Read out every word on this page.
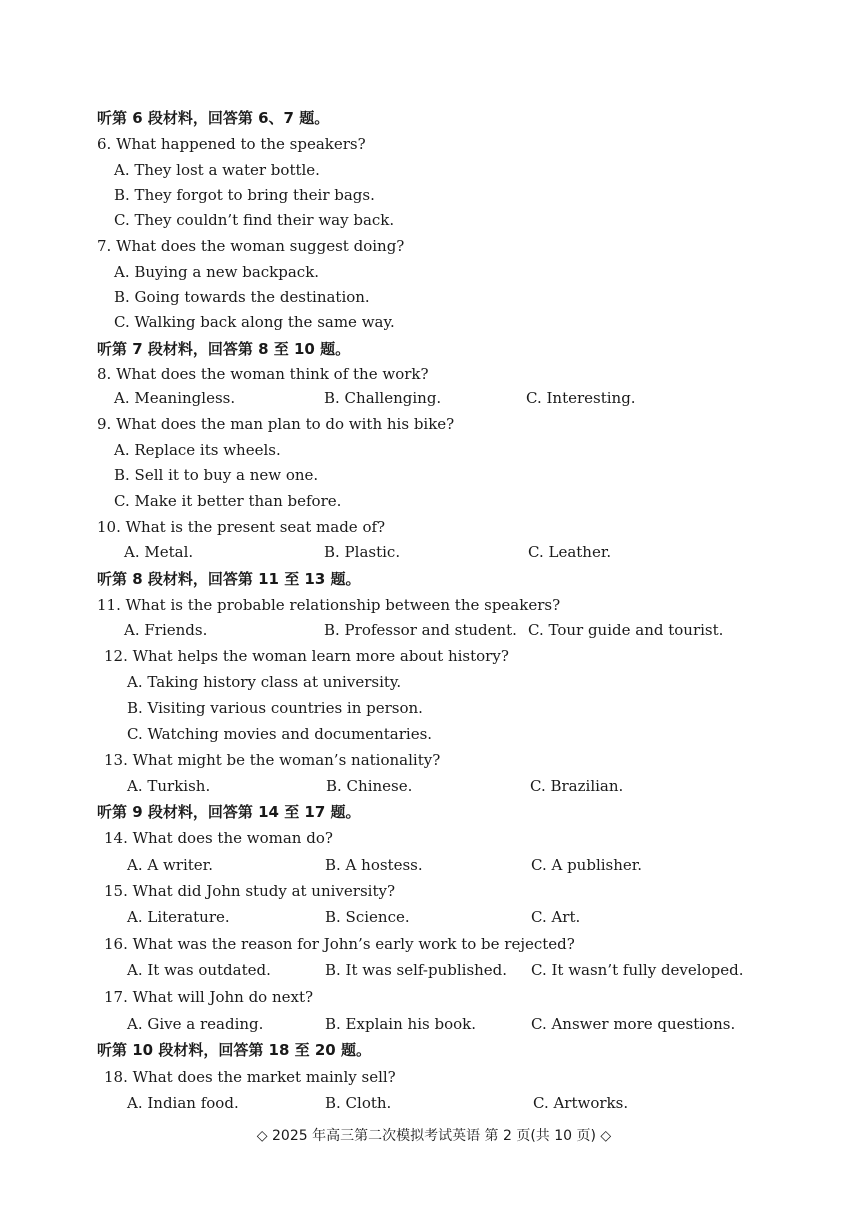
听第 6 段材料，回答第 6、7 题。
6. What happened to the speakers?
A. They lost a water bottle.
B. They forgot to bring their bags.
C. They couldn’t find their way back.
7. What does the woman suggest doing?
A. Buying a new backpack.
B. Going towards the destination.
C. Walking back along the same way.
听第 7 段材料，回答第 8 至 10 题。
8. What does the woman think of the work?
A. Meaningless.	B. Challenging.	C. Interesting.
9. What does the man plan to do with his bike?
A. Replace its wheels.
B. Sell it to buy a new one.
C. Make it better than before.
10. What is the present seat made of?
A. Metal.	B. Plastic.	C. Leather.
听第 8 段材料，回答第 11 至 13 题。
11. What is the probable relationship between the speakers?
A. Friends.	B. Professor and student. C. Tour guide and tourist.
12. What helps the woman learn more about history?
A. Taking history class at university.
B. Visiting various countries in person.
C. Watching movies and documentaries.
13. What might be the woman’s nationality?
A. Turkish.	B. Chinese.	C. Brazilian.
听第 9 段材料，回答第 14 至 17 题。
14. What does the woman do?
A. A writer.	B. A hostess.	C. A publisher.
15. What did John study at university?
A. Literature.	B. Science.	C. Art.
16. What was the reason for John’s early work to be rejected?
A. It was outdated.	B. It was self-published. C. It wasn’t fully developed.
17. What will John do next?
A. Give a reading.	B. Explain his book.	C. Answer more questions.
听第 10 段材料，回答第 18 至 20 题。
18. What does the market mainly sell?
A. Indian food.	B. Cloth.	C. Artworks.
◇ 2025 年高三第二次模拟考试英语 第 2 页(共 10 页) ◇
